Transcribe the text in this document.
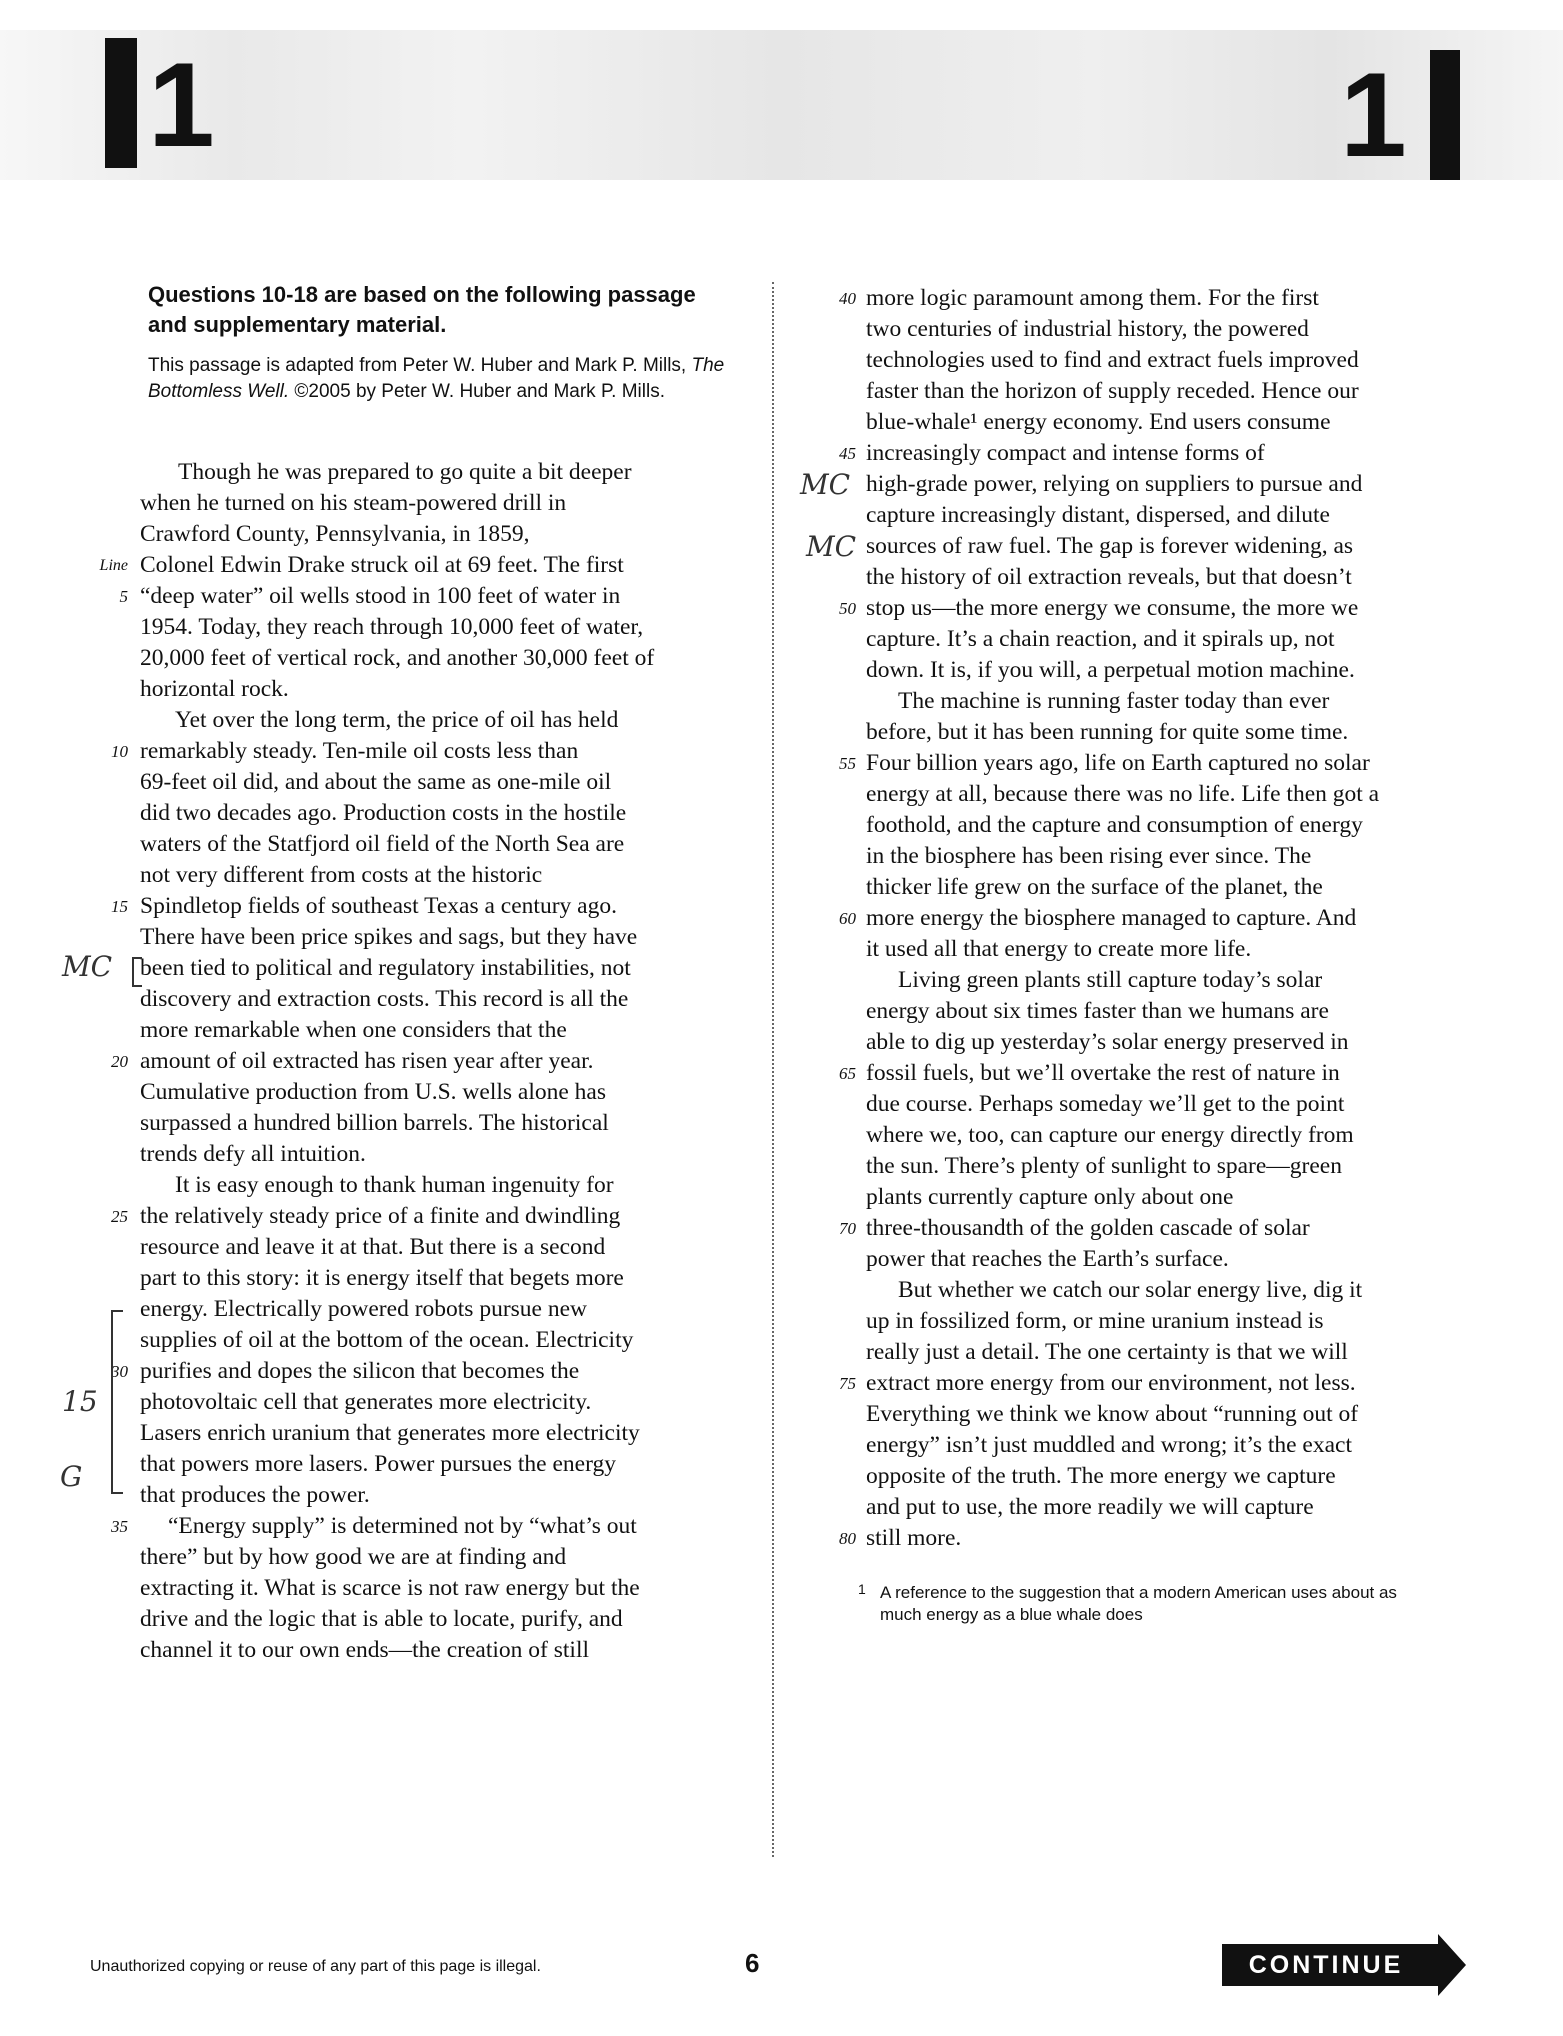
1	1

Questions 10-18 are based on the following passage and supplementary material.

This passage is adapted from Peter W. Huber and Mark P. Mills, The Bottomless Well. ©2005 by Peter W. Huber and Mark P. Mills.

Though he was prepared to go quite a bit deeper

when he turned on his steam-powered drill in

Crawford County, Pennsylvania, in 1859,

Colonel Edwin Drake struck oil at 69 feet. The first

“deep water” oil wells stood in 100 feet of water in

1954. Today, they reach through 10,000 feet of water,

20,000 feet of vertical rock, and another 30,000 feet of

horizontal rock.

Yet over the long term, the price of oil has held

remarkably steady. Ten-mile oil costs less than

69-feet oil did, and about the same as one-mile oil

did two decades ago. Production costs in the hostile

waters of the Statfjord oil field of the North Sea are

not very different from costs at the historic

Spindletop fields of southeast Texas a century ago.

There have been price spikes and sags, but they have

been tied to political and regulatory instabilities, not

discovery and extraction costs. This record is all the

more remarkable when one considers that the

amount of oil extracted has risen year after year.

Cumulative production from U.S. wells alone has

surpassed a hundred billion barrels. The historical

trends defy all intuition.

It is easy enough to thank human ingenuity for

the relatively steady price of a finite and dwindling

resource and leave it at that. But there is a second

part to this story: it is energy itself that begets more

energy. Electrically powered robots pursue new

supplies of oil at the bottom of the ocean. Electricity

purifies and dopes the silicon that becomes the

photovoltaic cell that generates more electricity.

Lasers enrich uranium that generates more electricity

that powers more lasers. Power pursues the energy

that produces the power.

“Energy supply” is determined not by “what’s out

there” but by how good we are at finding and

extracting it. What is scarce is not raw energy but the

drive and the logic that is able to locate, purify, and

channel it to our own ends—the creation of still

Line
5
10
15
20
25
30
35

more logic paramount among them. For the first

two centuries of industrial history, the powered

technologies used to find and extract fuels improved

faster than the horizon of supply receded. Hence our

blue-whale¹ energy economy. End users consume

increasingly compact and intense forms of

high-grade power, relying on suppliers to pursue and

capture increasingly distant, dispersed, and dilute

sources of raw fuel. The gap is forever widening, as

the history of oil extraction reveals, but that doesn’t

stop us—the more energy we consume, the more we

capture. It’s a chain reaction, and it spirals up, not

down. It is, if you will, a perpetual motion machine.

The machine is running faster today than ever

before, but it has been running for quite some time.

Four billion years ago, life on Earth captured no solar

energy at all, because there was no life. Life then got a

foothold, and the capture and consumption of energy

in the biosphere has been rising ever since. The

thicker life grew on the surface of the planet, the

more energy the biosphere managed to capture. And

it used all that energy to create more life.

Living green plants still capture today’s solar

energy about six times faster than we humans are

able to dig up yesterday’s solar energy preserved in

fossil fuels, but we’ll overtake the rest of nature in

due course. Perhaps someday we’ll get to the point

where we, too, can capture our energy directly from

the sun. There’s plenty of sunlight to spare—green

plants currently capture only about one

three-thousandth of the golden cascade of solar

power that reaches the Earth’s surface.

But whether we catch our solar energy live, dig it

up in fossilized form, or mine uranium instead is

really just a detail. The one certainty is that we will

extract more energy from our environment, not less.

Everything we think we know about “running out of

energy” isn’t just muddled and wrong; it’s the exact

opposite of the truth. The more energy we capture

and put to use, the more readily we will capture

still more.

40
45
50
55
60
65
70
75
80
1 A reference to the suggestion that a modern American uses about as much energy as a blue whale does
MC
15
G
MC
MC
Unauthorized copying or reuse of any part of this page is illegal.	6	CONTINUE
